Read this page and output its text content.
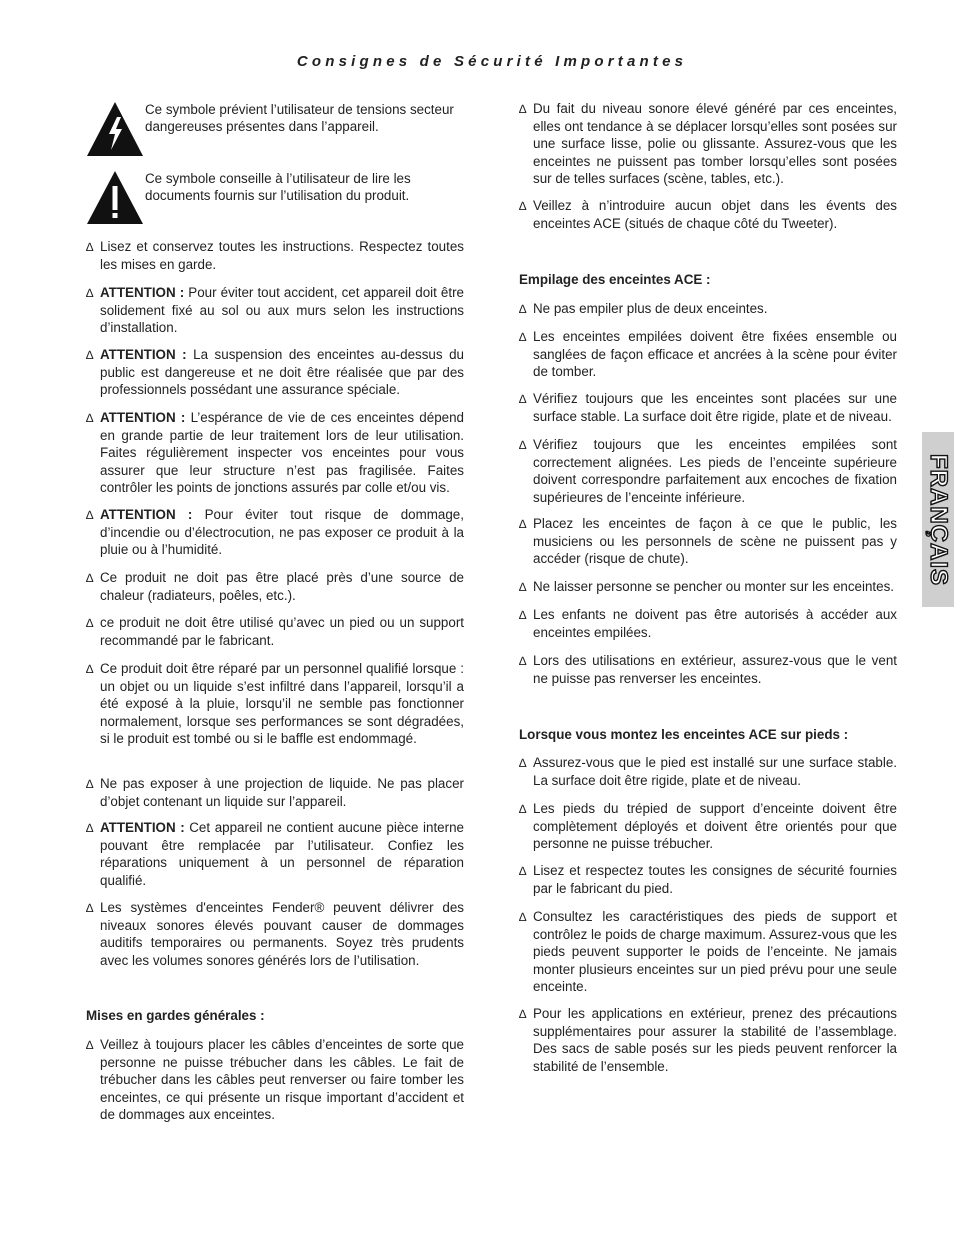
Consignes de Sécurité Importantes
FRANÇAIS

Ce symbole prévient l’utilisateur de tensions secteur dangereuses présentes dans l’appareil.

Ce symbole conseille à l’utilisateur de lire les documents fournis sur l’utilisation du produit.

∆ Lisez et conservez toutes les instructions. Respectez toutes les mises en garde.

∆ ATTENTION : Pour éviter tout accident, cet appareil doit être solidement fixé au sol ou aux murs selon les instructions d’installation.

∆ ATTENTION : La suspension des enceintes au-dessus du public est dangereuse et ne doit être réalisée que par des professionnels possédant une assurance spéciale.

∆ ATTENTION : L’espérance de vie de ces enceintes dépend en grande partie de leur traitement lors de leur utilisation. Faites régulièrement inspecter vos enceintes pour vous assurer que leur structure n’est pas fragilisée. Faites contrôler les points de jonctions assurés par colle et/ou vis.

∆ ATTENTION : Pour éviter tout risque de dommage, d’incendie ou d’électrocution, ne pas exposer ce produit à la pluie ou à l’humidité.

∆ Ce produit ne doit pas être placé près d’une source de chaleur (radiateurs, poêles, etc.).

∆ ce produit ne doit être utilisé qu’avec un pied ou un support recommandé par le fabricant.

∆ Ce produit doit être réparé par un personnel qualifié lorsque : un objet ou un liquide s’est infiltré dans l’appareil, lorsqu’il a été exposé à la pluie, lorsqu’il ne semble pas fonctionner normalement, lorsque ses performances se sont dégradées, si le produit est tombé ou si le baffle est endommagé.

∆ Ne pas exposer à une projection de liquide. Ne pas placer d’objet contenant un liquide sur l’appareil.

∆ ATTENTION : Cet appareil ne contient aucune pièce interne pouvant être remplacée par l’utilisateur. Confiez les réparations uniquement à un personnel de réparation qualifié.

∆ Les systèmes d'enceintes Fender® peuvent délivrer des niveaux sonores élevés pouvant causer de dommages auditifs temporaires ou permanents. Soyez très prudents avec les volumes sonores générés lors de l’utilisation.

Mises en gardes générales :

∆ Veillez à toujours placer les câbles d’enceintes de sorte que personne ne puisse trébucher dans les câbles. Le fait de trébucher dans les câbles peut renverser ou faire tomber les enceintes, ce qui présente un risque important d’accident et de dommages aux enceintes.

∆ Du fait du niveau sonore élevé généré par ces enceintes, elles ont tendance à se déplacer lorsqu’elles sont posées sur une surface lisse, polie ou glissante. Assurez-vous que les enceintes ne puissent pas tomber lorsqu’elles sont posées sur de telles surfaces (scène, tables, etc.).

∆ Veillez à n’introduire aucun objet dans les évents des enceintes ACE (situés de chaque côté du Tweeter).

Empilage des enceintes ACE :

∆ Ne pas empiler plus de deux enceintes.

∆ Les enceintes empilées doivent être fixées ensemble ou sanglées de façon efficace et ancrées à la scène pour éviter de tomber.

∆ Vérifiez toujours que les enceintes sont placées sur une surface stable. La surface doit être rigide, plate et de niveau.

∆ Vérifiez toujours que les enceintes empilées sont correctement alignées. Les pieds de l’enceinte supérieure doivent correspondre parfaitement aux encoches de fixation supérieures de l’enceinte inférieure.

∆ Placez les enceintes de façon à ce que le public, les musiciens ou les personnels de scène ne puissent pas y accéder (risque de chute).

∆ Ne laisser personne se pencher ou monter sur les enceintes.

∆ Les enfants ne doivent pas être autorisés à accéder aux enceintes empilées.

∆ Lors des utilisations en extérieur, assurez-vous que le vent ne puisse pas renverser les enceintes.

Lorsque vous montez les enceintes ACE sur pieds :

∆ Assurez-vous que le pied est installé sur une surface stable. La surface doit être rigide, plate et de niveau.

∆ Les pieds du trépied de support d’enceinte doivent être complètement déployés et doivent être orientés pour que personne ne puisse trébucher.

∆ Lisez et respectez toutes les consignes de sécurité fournies par le fabricant du pied.

∆ Consultez les caractéristiques des pieds de support et contrôlez le poids de charge maximum. Assurez-vous que les pieds peuvent supporter le poids de l’enceinte. Ne jamais monter plusieurs enceintes sur un pied prévu pour une seule enceinte.

∆ Pour les applications en extérieur, prenez des précautions supplémentaires pour assurer la stabilité de l’assemblage. Des sacs de sable posés sur les pieds peuvent renforcer la stabilité de l’ensemble.
